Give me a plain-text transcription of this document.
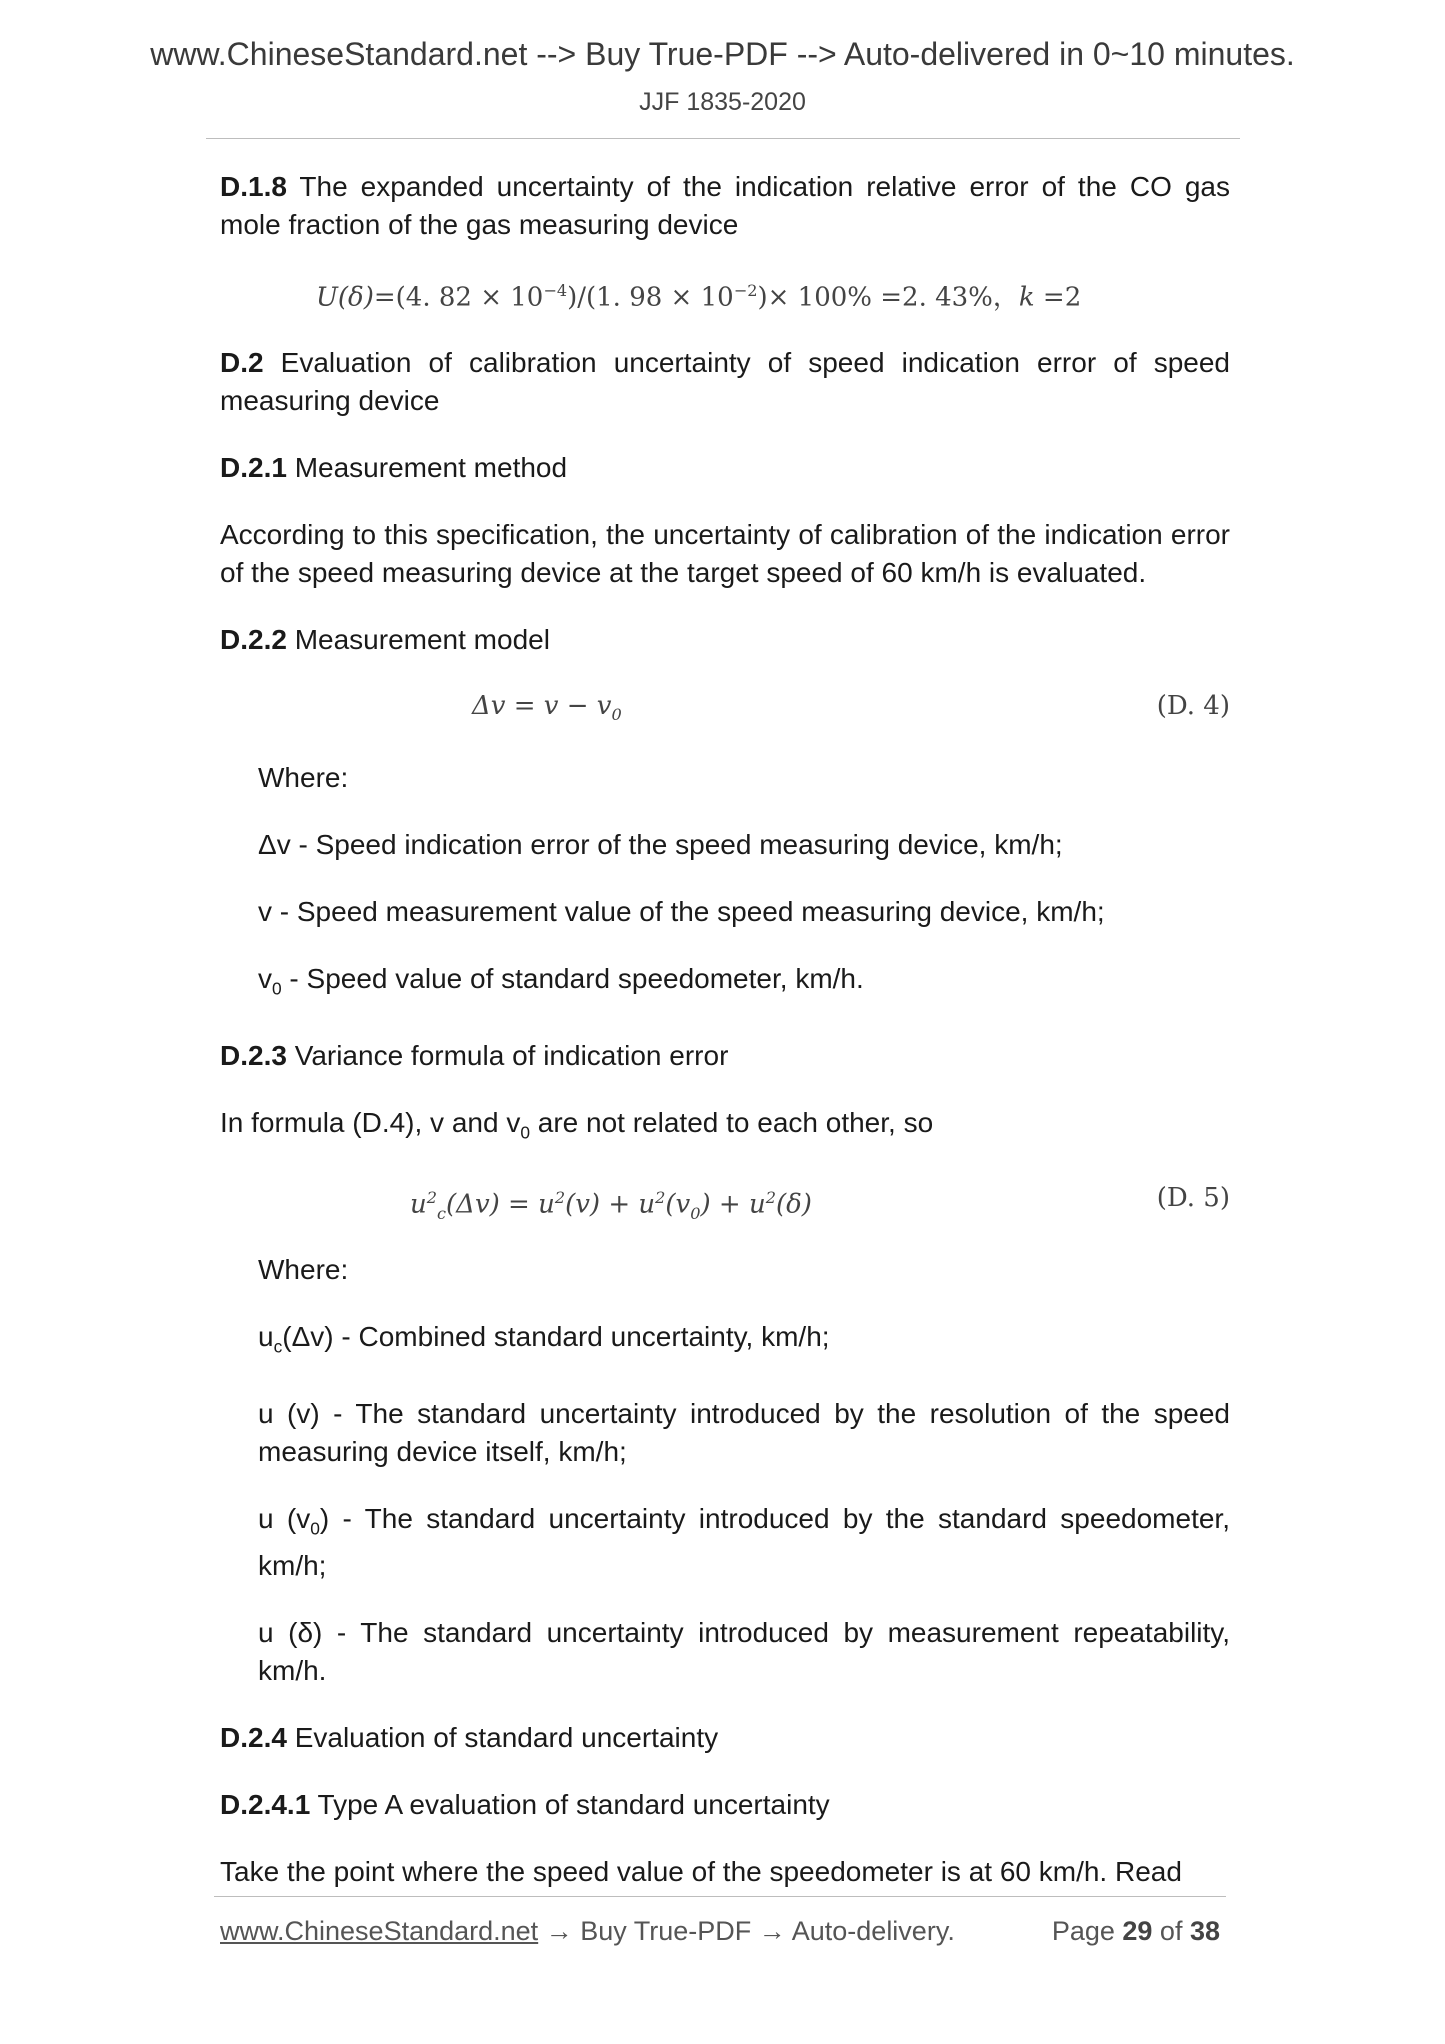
www.ChineseStandard.net --> Buy True-PDF --> Auto-delivered in 0~10 minutes.
JJF 1835-2020

D.1.8 The expanded uncertainty of the indication relative error of the CO gas mole fraction of the gas measuring device

U(δ)=(4. $82 \times 10^{-4})/(1$. $98 \times 10^{-2})\times 100\% =2$. 43%，k =2

D.2 Evaluation of calibration uncertainty of speed indication error of speed measuring device

D.2.1 Measurement method

According to this specification, the uncertainty of calibration of the indication error of the speed measuring device at the target speed of 60 km/h is evaluated.

D.2.2 Measurement model

$\Delta v = v - v_0$	(D. 4)

Where:

Δv - Speed indication error of the speed measuring device, km/h;

v - Speed measurement value of the speed measuring device, km/h;

$v_0$ - Speed value of standard speedometer, km/h.

D.2.3 Variance formula of indication error

In formula (D.4), v and $v_0$ are not related to each other, so

$u^2_c(\Delta v) = u^2(v) + u^2(v_0) + u^2(\delta)$	(D. 5)

Where:

$u_c(\Delta v)$ - Combined standard uncertainty, km/h;

u (v) - The standard uncertainty introduced by the resolution of the speed measuring device itself, km/h;

u $(v_0)$ - The standard uncertainty introduced by the standard speedometer, km/h;

u (δ) - The standard uncertainty introduced by measurement repeatability, km/h.

D.2.4 Evaluation of standard uncertainty

D.2.4.1 Type A evaluation of standard uncertainty

Take the point where the speed value of the speedometer is at 60 km/h. Read

www.ChineseStandard.net → Buy True-PDF → Auto-delivery.	Page 29 of 38
